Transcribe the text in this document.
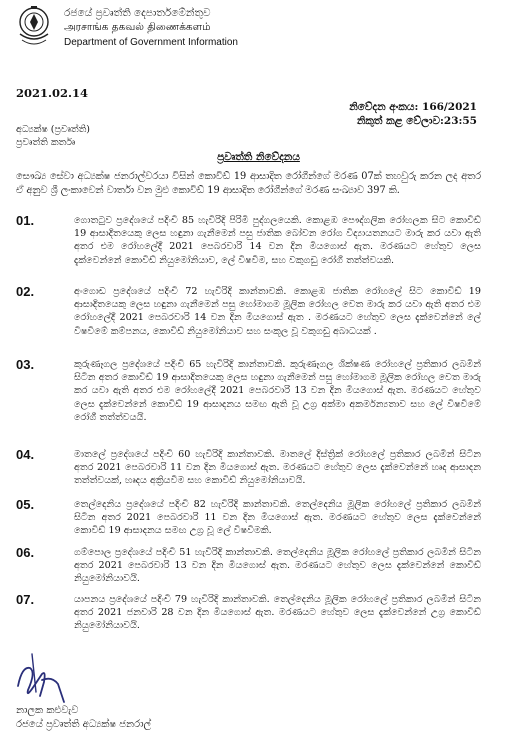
රජයේ ප්‍රවෘත්ති දෙපාර්තමේන්තුව
அரசாங்க தகவல் திணைக்களம்
Department of Government Information
2021.02.14
නිවේදන අංකය: 166/2021
නිකුත් කළ වේලාව:23:55
අධ්‍යක්ෂ (ප්‍රවෘත්ති)
ප්‍රවෘත්ති කර්තෘ
ප්‍රවෘත්ති නිවේදනය
සෞඛ්‍ය සේවා අධ්‍යක්ෂ ජනරාල්වරයා විසින් කොවිඩ් 19 ආසාදිත රෝගීන්ගේ මරණ 07ක් තහවුරු කරන ලද අතර ඒ අනුව ශ්‍රී ලංකාවෙන් වාර්තා වන මුළු කොවිඩ් 19 ආසාදිත රෝගීන්ගේ මරණ සංඛ්‍යාව 397 කි.
01.	ගොතටුව ප්‍රදේශයේ පදිංචි 85 හැවිරිදි පිරිමි පුද්ගලයෙකි. කොළඹ පෞද්ගලික රෝහලක සිට කොවිඩ් 19 ආසාදිතයෙකු ලෙස හඳුනා ගැනීමෙන් පසු ජාතික බෝවන රෝග විද්‍යායතනයට මාරු කර යවා ඇති අතර එම රෝහලේදී 2021 පෙබරවාරි 14 වන දින මියගොස් ඇත. මරණයට හේතුව ලෙස දැක්වෙන්නේ කොවිඩ් නියුමෝනියාව, ලේ විෂවීම, සහ වකුගඩු රෝගී තත්ත්වයකි.
02.	අංගොඩ ප්‍රදේශයේ පදිංචි 72 හැවිරිදි කාන්තාවකි. කොළඹ ජාතික රෝහලේ සිට කොවිඩ් 19 ආසාදිතයෙකු ලෙස හඳුනා ගැනීමෙන් පසු හෝමාගම මූලික රෝහල වෙත මාරු කර යවා ඇති අතර එම රෝහලේදී 2021 පෙබරවාරි 14 වන දින මියගොස් ඇත . මරණයට හේතුව ලෙස දැක්වෙන්නේ ලේ විෂවීමේ කම්පනය, කොවිඩ් නියුමෝනියාව සහ සංකූල වූ වකුගඩු අබාධයක් .
03.	කුරුණෑගල ප්‍රදේශයේ පදිංචි 65 හැවිරිදි කාන්තාවකි. කුරුණෑගල ශික්ෂණ රෝහලේ ප්‍රතිකාර ලබමින් සිටින අතර කොවිඩ් 19 ආසාදිතයෙකු ලෙස හඳුනා ගැනීමෙන් පසු හෝමාගම මූලික රෝහල වෙත මාරු කර යවා ඇති අතර එම රෝහලේදී 2021 පෙබරවාරි 13 වන දින මියගොස් ඇත. මරණයට හේතුව ලෙස දැක්වෙන්නේ කොවිඩ් 19 ආසාදනය සමඟ ඇති වූ උග්‍ර අක්මා අකර්මන්‍යතාව සහ ලේ විෂවීමේ රෝගී තත්ත්වයයි.
04.	මාතලේ ප්‍රදේශයේ පදිංචි 60 හැවිරිදි කාන්තාවකි. මාතලේ දිස්ත්‍රික් රෝහලේ ප්‍රතිකාර ලබමින් සිටින අතර 2021 පෙබරවාරි 11 වන දින මියගොස් ඇත. මරණයට හේතුව ලෙස දැක්වෙන්නේ හෘද ආසාදන තත්ත්වයක්, හෘදය අක්‍රියවීම සහ කොවිඩ් නියුමෝනියාවයි.
05.	තෙල්දෙනිය ප්‍රදේශයේ පදිංචි 82 හැවිරිදි කාන්තාවකි. තෙල්දෙනිය මූලික රෝහලේ ප්‍රතිකාර ලබමින් සිටින අතර 2021 පෙබරවාරි 11 වන දින මියගොස් ඇත. මරණයට හේතුව ලෙස දැක්වෙන්නේ කොවිඩ් 19 ආසාදනය සමඟ උග්‍ර වූ ලේ විෂවීමකි.
06.	ගම්පොල ප්‍රදේශයේ පදිංචි 51 හැවිරිදි කාන්තාවකි. තෙල්දෙනිය මූලික රෝහලේ ප්‍රතිකාර ලබමින් සිටින අතර 2021 පෙබරවාරි 13 වන දින මියගොස් ඇත. මරණයට හේතුව ලෙස දැක්වෙන්නේ කොවිඩ් නියුමෝනියාවයි.
07.	යාපනය ප්‍රදේශයේ පදිංචි 79 හැවිරිදි කාන්තාවකි. තෙල්දෙනිය මූලික රෝහලේ ප්‍රතිකාර ලබමින් සිටින අතර 2021 ජනවාරි 28 වන දින මියගොස් ඇත. මරණයට හේතුව ලෙස දැක්වෙන්නේ උග්‍ර කොවිඩ් නියුමෝනියාවයි.
නාලක කළුවැව
රජයේ ප්‍රවෘත්ති අධ්‍යක්ෂ ජනරාල්
